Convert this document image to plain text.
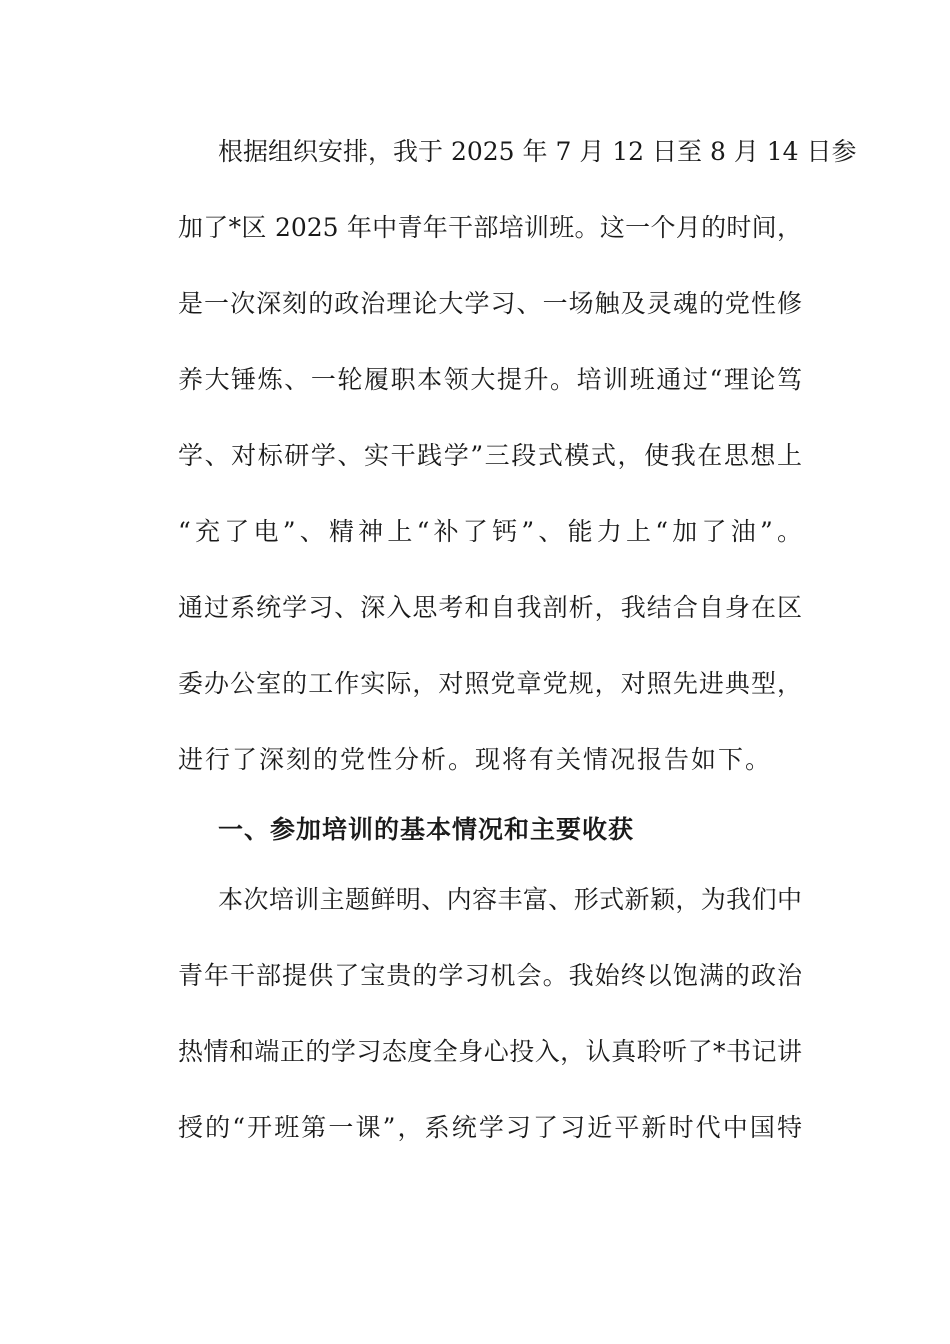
根据组织安排，我于 2025 年 7 月 12 日至 8 月 14 日参
加了*区 2025 年中青年干部培训班。这一个月的时间，
是一次深刻的政治理论大学习、一场触及灵魂的党性修
养大锤炼、一轮履职本领大提升。培训班通过“理论笃
学、对标研学、实干践学”三段式模式，使我在思想上
“充了电”、精神上“补了钙”、能力上“加了油”。
通过系统学习、深入思考和自我剖析，我结合自身在区
委办公室的工作实际，对照党章党规，对照先进典型，
进行了深刻的党性分析。现将有关情况报告如下。
一、参加培训的基本情况和主要收获
本次培训主题鲜明、内容丰富、形式新颖，为我们中
青年干部提供了宝贵的学习机会。我始终以饱满的政治
热情和端正的学习态度全身心投入，认真聆听了*书记讲
授的“开班第一课”，系统学习了习近平新时代中国特
